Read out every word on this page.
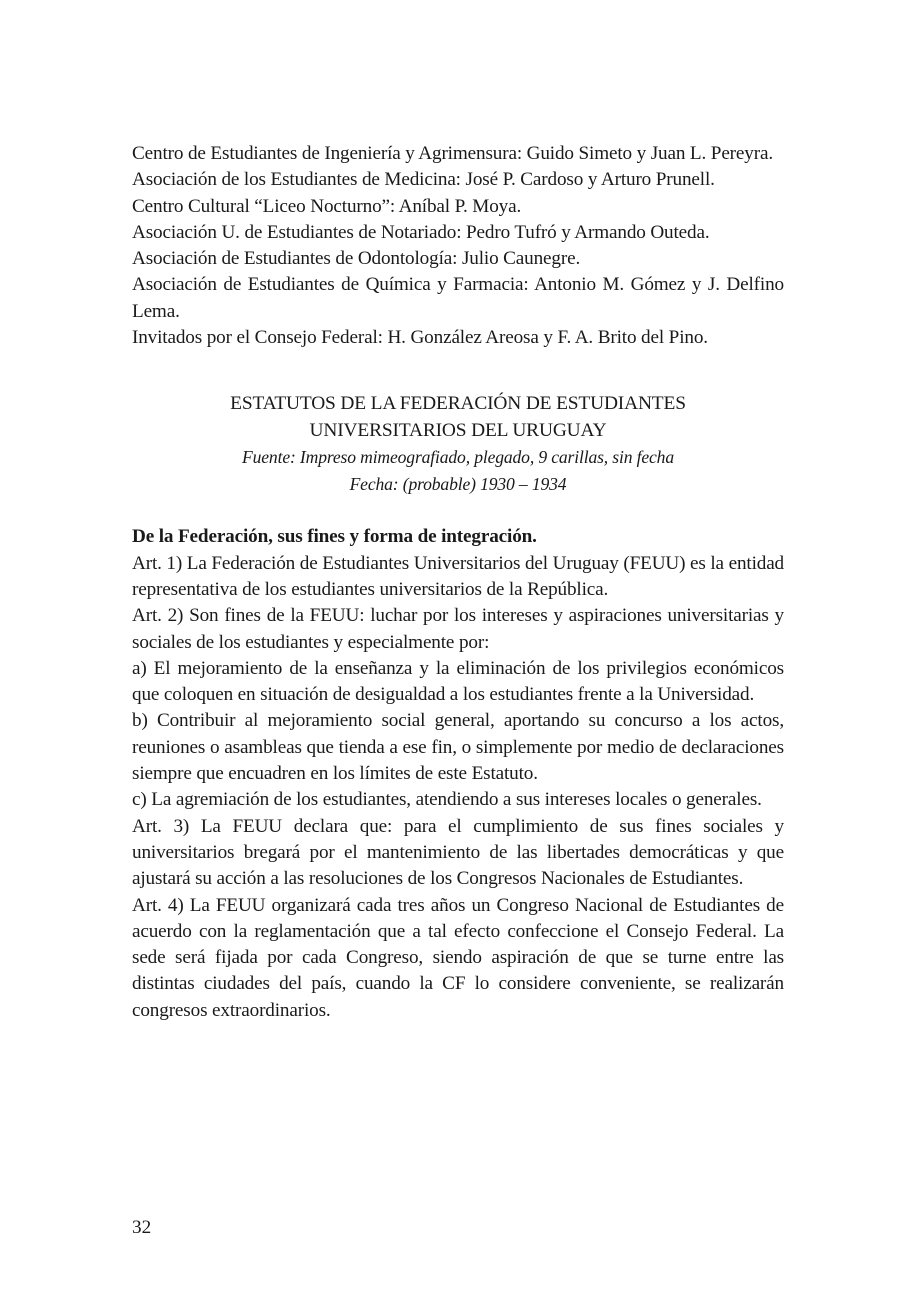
Centro de Estudiantes de Ingeniería y Agrimensura: Guido Simeto y Juan L. Pereyra.

Asociación de los Estudiantes de Medicina: José P. Cardoso y Arturo Prunell.

Centro Cultural “Liceo Nocturno”: Aníbal P. Moya.

Asociación U. de Estudiantes de Notariado: Pedro Tufró y Armando Outeda.

Asociación de Estudiantes de Odontología: Julio Caunegre.

Asociación de Estudiantes de Química y Farmacia: Antonio M. Gómez y J. Delfino Lema.

Invitados por el Consejo Federal: H. González Areosa y F. A. Brito del Pino.

ESTATUTOS DE LA FEDERACIÓN DE ESTUDIANTES

UNIVERSITARIOS DEL URUGUAY

Fuente: Impreso mimeografiado, plegado, 9 carillas, sin fecha

Fecha: (probable) 1930 – 1934

De la Federación, sus fines y forma de integración.

Art. 1) La Federación de Estudiantes Universitarios del Uruguay (FEUU) es la entidad representativa de los estudiantes universitarios de la República.

Art. 2) Son fines de la FEUU: luchar por los intereses y aspiraciones universitarias y sociales de los estudiantes y especialmente por:

a) El mejoramiento de la enseñanza y la eliminación de los privilegios económicos que coloquen en situación de desigualdad a los estudiantes frente a la Universidad.

b) Contribuir al mejoramiento social general, aportando su concurso a los actos, reuniones o asambleas que tienda a ese fin, o simplemente por medio de declaraciones siempre que encuadren en los límites de este Estatuto.

c) La agremiación de los estudiantes, atendiendo a sus intereses locales o generales.

Art. 3) La FEUU declara que: para el cumplimiento de sus fines sociales y universitarios bregará por el mantenimiento de las libertades democráticas y que ajustará su acción a las resoluciones de los Congresos Nacionales de Estudiantes.

Art. 4) La FEUU organizará cada tres años un Congreso Nacional de Estudiantes de acuerdo con la reglamentación que a tal efecto confeccione el Consejo Federal. La sede será fijada por cada Congreso, siendo aspiración de que se turne entre las distintas ciudades del país, cuando la CF lo considere conveniente, se realizarán congresos extraordinarios.

32
